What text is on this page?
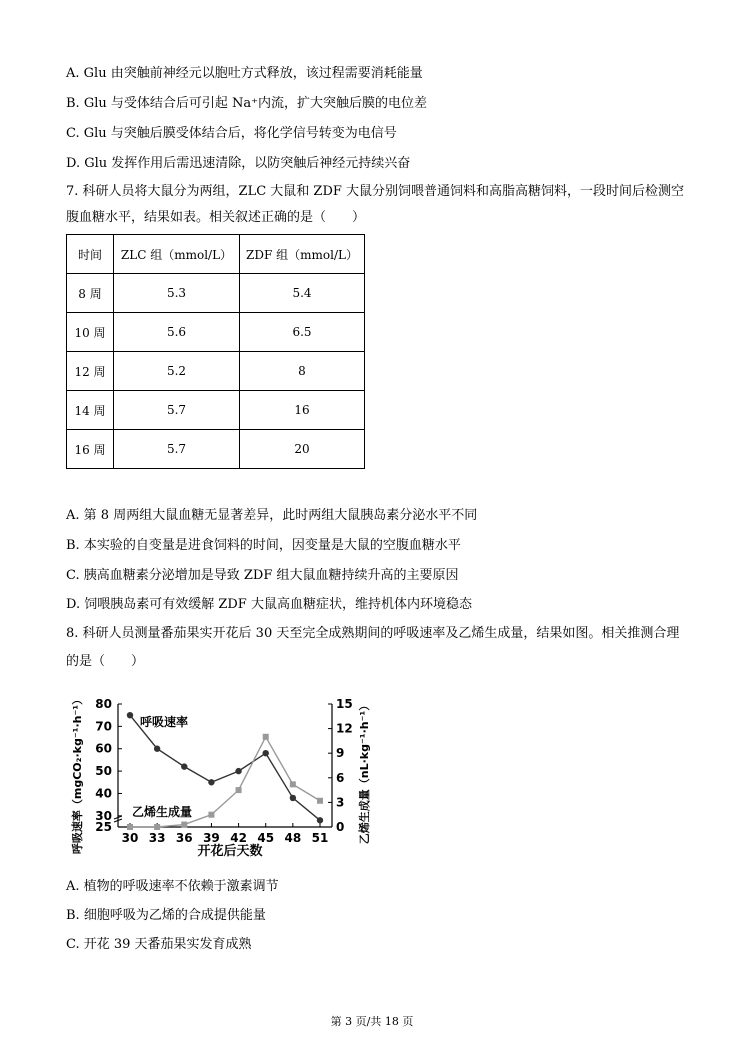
A. Glu 由突触前神经元以胞吐方式释放，该过程需要消耗能量
B. Glu 与受体结合后可引起 Na⁺内流，扩大突触后膜的电位差
C. Glu 与突触后膜受体结合后，将化学信号转变为电信号
D. Glu 发挥作用后需迅速清除，以防突触后神经元持续兴奋
7. 科研人员将大鼠分为两组，ZLC 大鼠和 ZDF 大鼠分别饲喂普通饲料和高脂高糖饲料，一段时间后检测空
腹血糖水平，结果如表。相关叙述正确的是（　　）
时间	ZLC 组（mmol/L）	ZDF 组（mmol/L）
8 周	5.3	5.4
10 周	5.6	6.5
12 周	5.2	8
14 周	5.7	16
16 周	5.7	20
A. 第 8 周两组大鼠血糖无显著差异，此时两组大鼠胰岛素分泌水平不同
B. 本实验的自变量是进食饲料的时间，因变量是大鼠的空腹血糖水平
C. 胰高血糖素分泌增加是导致 ZDF 组大鼠血糖持续升高的主要原因
D. 饲喂胰岛素可有效缓解 ZDF 大鼠高血糖症状，维持机体内环境稳态
8. 科研人员测量番茄果实开花后 30 天至完全成熟期间的呼吸速率及乙烯生成量，结果如图。相关推测合理
的是（　　）
25
30
40
50
60
70
80
0
3
6
9
12
15
30 33 36 39 42 45 48 51
开花后天数
呼吸速率（mgCO₂·kg⁻¹·h⁻¹）	乙烯生成量（nL·kg⁻¹·h⁻¹）
呼吸速率
乙烯生成量
A. 植物的呼吸速率不依赖于激素调节
B. 细胞呼吸为乙烯的合成提供能量
C. 开花 39 天番茄果实发育成熟
第 3 页/共 18 页
